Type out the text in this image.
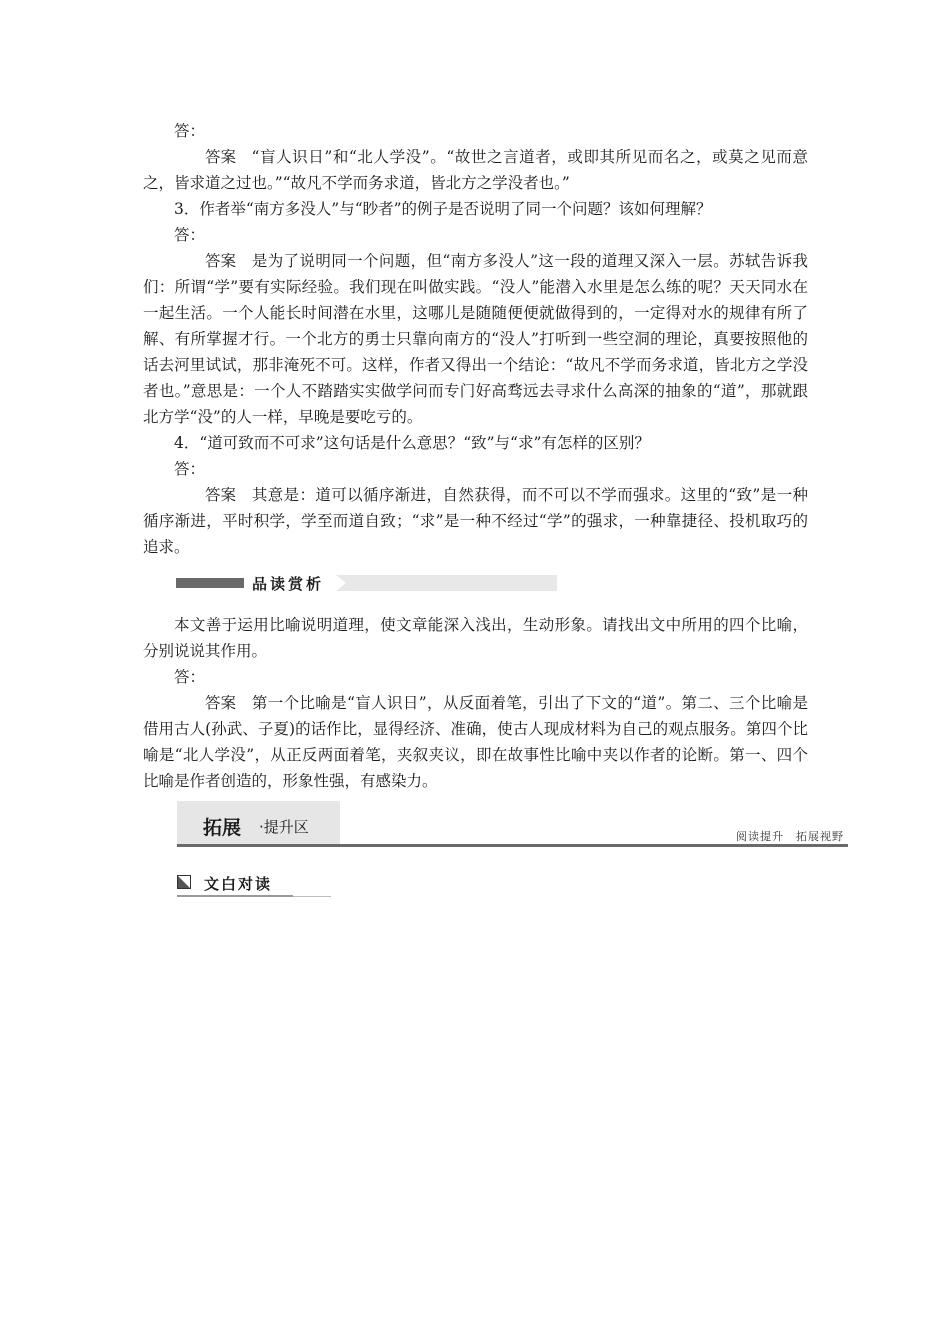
答：

答案 “盲人识日”和“北人学没”。“故世之言道者，或即其所见而名之，或莫之见而意之，皆求道之过也。”“故凡不学而务求道，皆北方之学没者也。”

3．作者举“南方多没人”与“眇者”的例子是否说明了同一个问题？该如何理解？

答：

答案 是为了说明同一个问题，但“南方多没人”这一段的道理又深入一层。苏轼告诉我们：所谓“学”要有实际经验。我们现在叫做实践。“没人”能潜入水里是怎么练的呢？天天同水在一起生活。一个人能长时间潜在水里，这哪儿是随随便便就做得到的，一定得对水的规律有所了解、有所掌握才行。一个北方的勇士只靠向南方的“没人”打听到一些空洞的理论，真要按照他的话去河里试试，那非淹死不可。这样，作者又得出一个结论：“故凡不学而务求道，皆北方之学没者也。”意思是：一个人不踏踏实实做学问而专门好高骛远去寻求什么高深的抽象的“道”，那就跟北方学“没”的人一样，早晚是要吃亏的。

4．“道可致而不可求”这句话是什么意思？“致”与“求”有怎样的区别？

答：

答案 其意是：道可以循序渐进，自然获得，而不可以不学而强求。这里的“致”是一种循序渐进，平时积学，学至而道自致；“求”是一种不经过“学”的强求，一种靠捷径、投机取巧的追求。

品读赏析

本文善于运用比喻说明道理，使文章能深入浅出，生动形象。请找出文中所用的四个比喻，分别说说其作用。

答：

答案 第一个比喻是“盲人识日”，从反面着笔，引出了下文的“道”。第二、三个比喻是借用古人(孙武、子夏)的话作比，显得经济、准确，使古人现成材料为自己的观点服务。第四个比喻是“北人学没”，从正反两面着笔，夹叙夹议，即在故事性比喻中夹以作者的论断。第一、四个比喻是作者创造的，形象性强，有感染力。

拓展 ·提升区
阅读提升　拓展视野
文白对读
